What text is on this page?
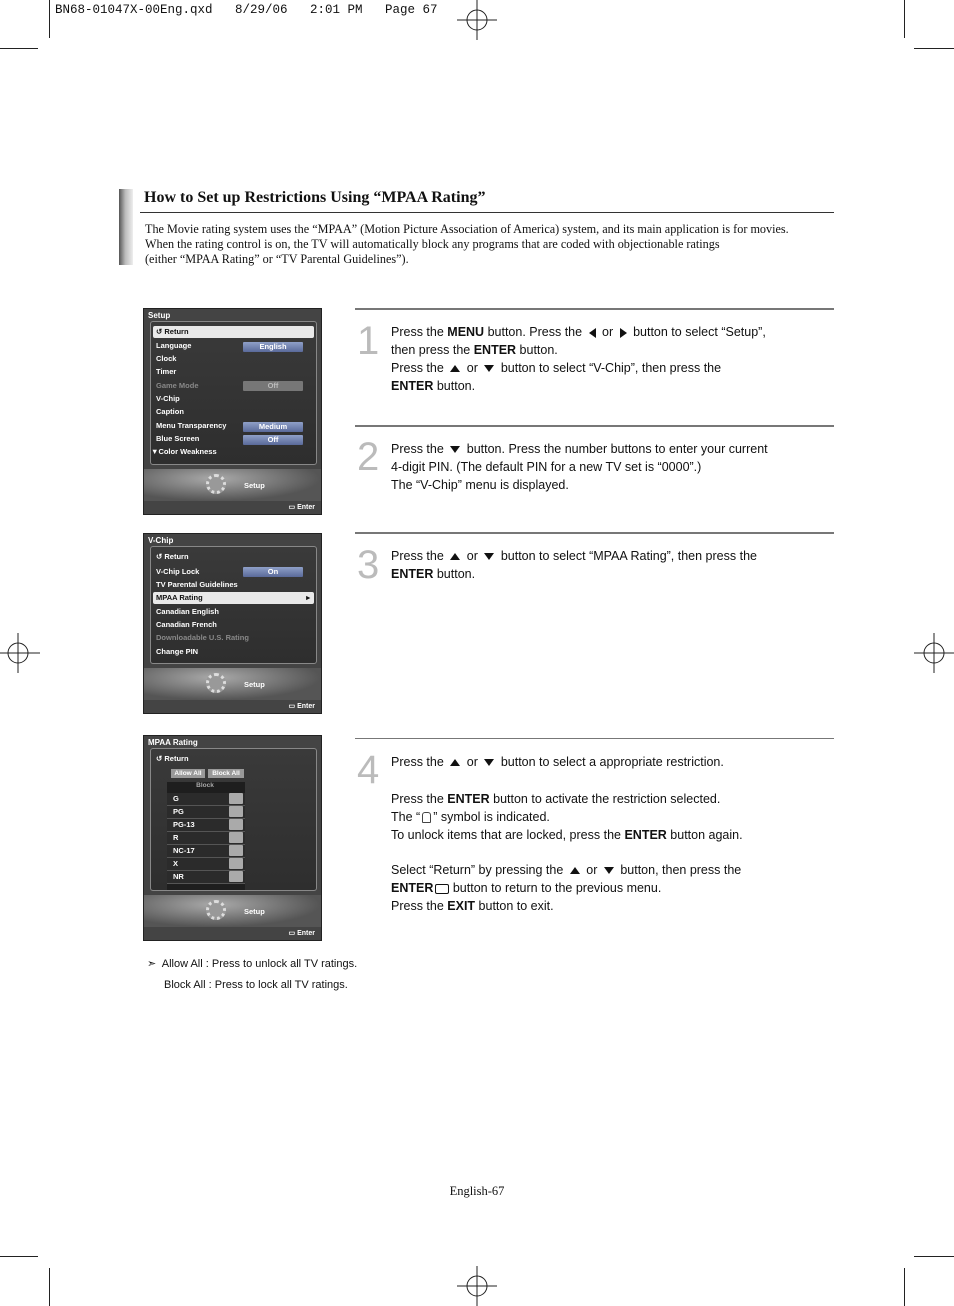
BN68-01047X-00Eng.qxd   8/29/06   2:01 PM   Page 67
How to Set up Restrictions Using “MPAA Rating”
The Movie rating system uses the “MPAA” (Motion Picture Association of America) system, and its main application is for movies.
When the rating control is on, the TV will automatically block any programs that are coded with objectionable ratings
(either “MPAA Rating” or “TV Parental Guidelines”).
Setup
↺ Return
Language	English
Clock
Timer
Game Mode	Off
V-Chip
Caption
Menu Transparency	Medium
Blue Screen	Off
▼Color Weakness
Setup
▭ Enter
V-Chip
↺ Return
V-Chip Lock	On
TV Parental Guidelines
MPAA Rating	▸
Canadian English
Canadian French
Downloadable U.S. Rating
Change PIN
Setup
▭ Enter
MPAA Rating
↺ Return
Allow All	Block All
Block
G
PG
PG-13
R
NC-17
X
NR
Setup
▭ Enter
1 Press the MENU button. Press the  or  button to select “Setup”,
then press the ENTER button.
Press the  or  button to select “V-Chip”, then press the
ENTER button.
2 Press the  button. Press the number buttons to enter your current
4-digit PIN. (The default PIN for a new TV set is “0000”.)
The “V-Chip” menu is displayed.
3 Press the  or  button to select “MPAA Rating”, then press the
ENTER button.
4 Press the  or  button to select a appropriate restriction.
Press the ENTER button to activate the restriction selected.
The “ ” symbol is indicated.
To unlock items that are locked, press the ENTER button again.
Select “Return” by pressing the  or  button, then press the
ENTER button to return to the previous menu.
Press the EXIT button to exit.
➣ Allow All : Press to unlock all TV ratings.
Block All : Press to lock all TV ratings.
English-67
